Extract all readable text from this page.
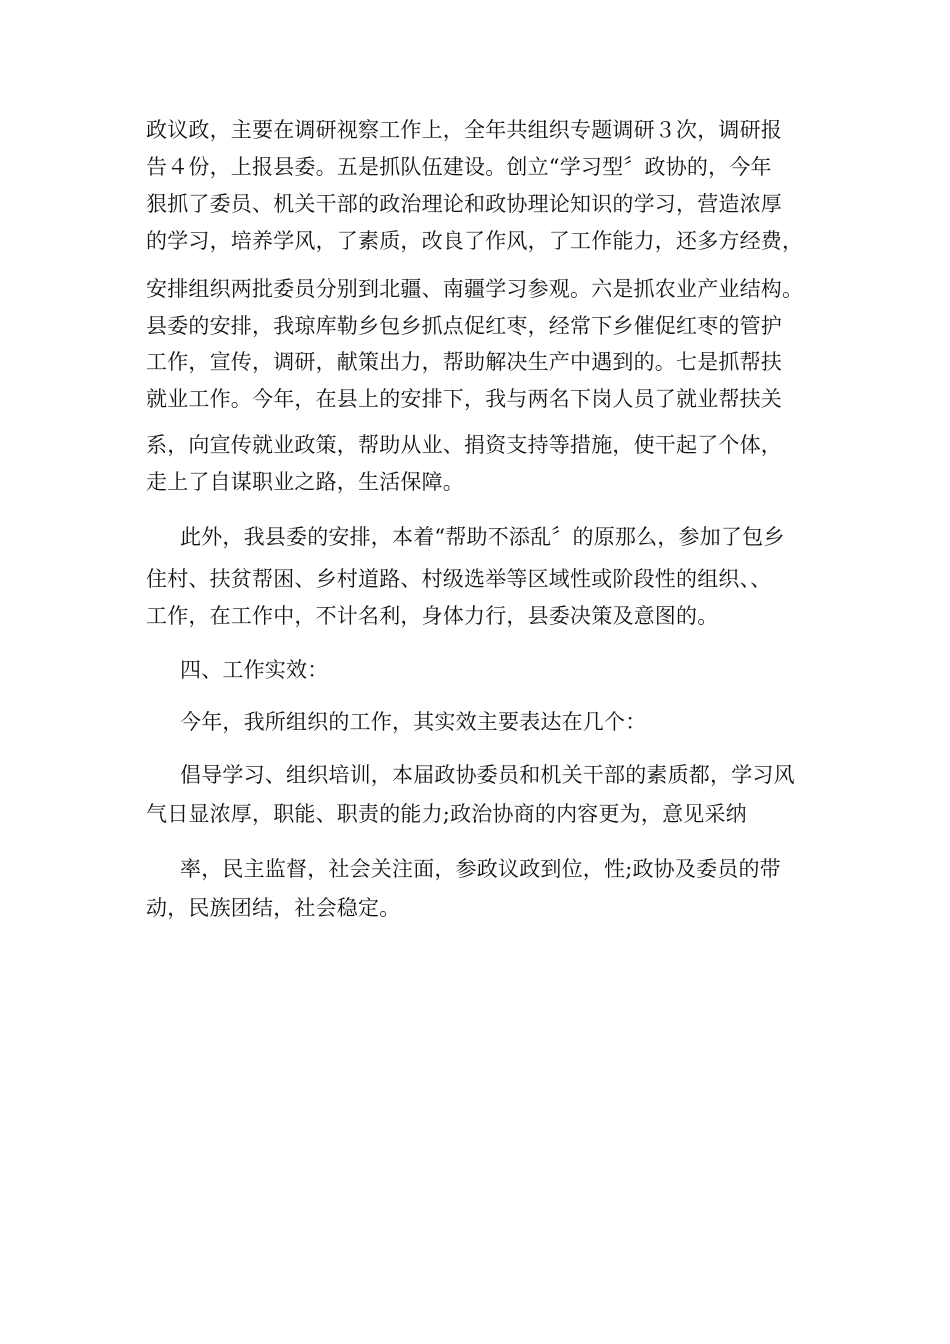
政议政，主要在调研视察工作上，全年共组织专题调研３次，调研报

告４份，上报县委。五是抓队伍建设。创立“学习型〞政协的，今年

狠抓了委员、机关干部的政治理论和政协理论知识的学习，营造浓厚

的学习，培养学风，了素质，改良了作风，了工作能力，还多方经费，

安排组织两批委员分别到北疆、南疆学习参观。六是抓农业产业结构。

县委的安排，我琼库勒乡包乡抓点促红枣，经常下乡催促红枣的管护

工作，宣传，调研，献策出力，帮助解决生产中遇到的。七是抓帮扶

就业工作。今年，在县上的安排下，我与两名下岗人员了就业帮扶关

系，向宣传就业政策，帮助从业、捐资支持等措施，使干起了个体，

走上了自谋职业之路，生活保障。

此外，我县委的安排，本着“帮助不添乱〞的原那么，参加了包乡

住村、扶贫帮困、乡村道路、村级选举等区域性或阶段性的组织、、

工作，在工作中，不计名利，身体力行，县委决策及意图的。

四、工作实效：

今年，我所组织的工作，其实效主要表达在几个：

倡导学习、组织培训，本届政协委员和机关干部的素质都，学习风

气日显浓厚，职能、职责的能力;政治协商的内容更为，意见采纳

率，民主监督，社会关注面，参政议政到位，性;政协及委员的带

动，民族团结，社会稳定。
